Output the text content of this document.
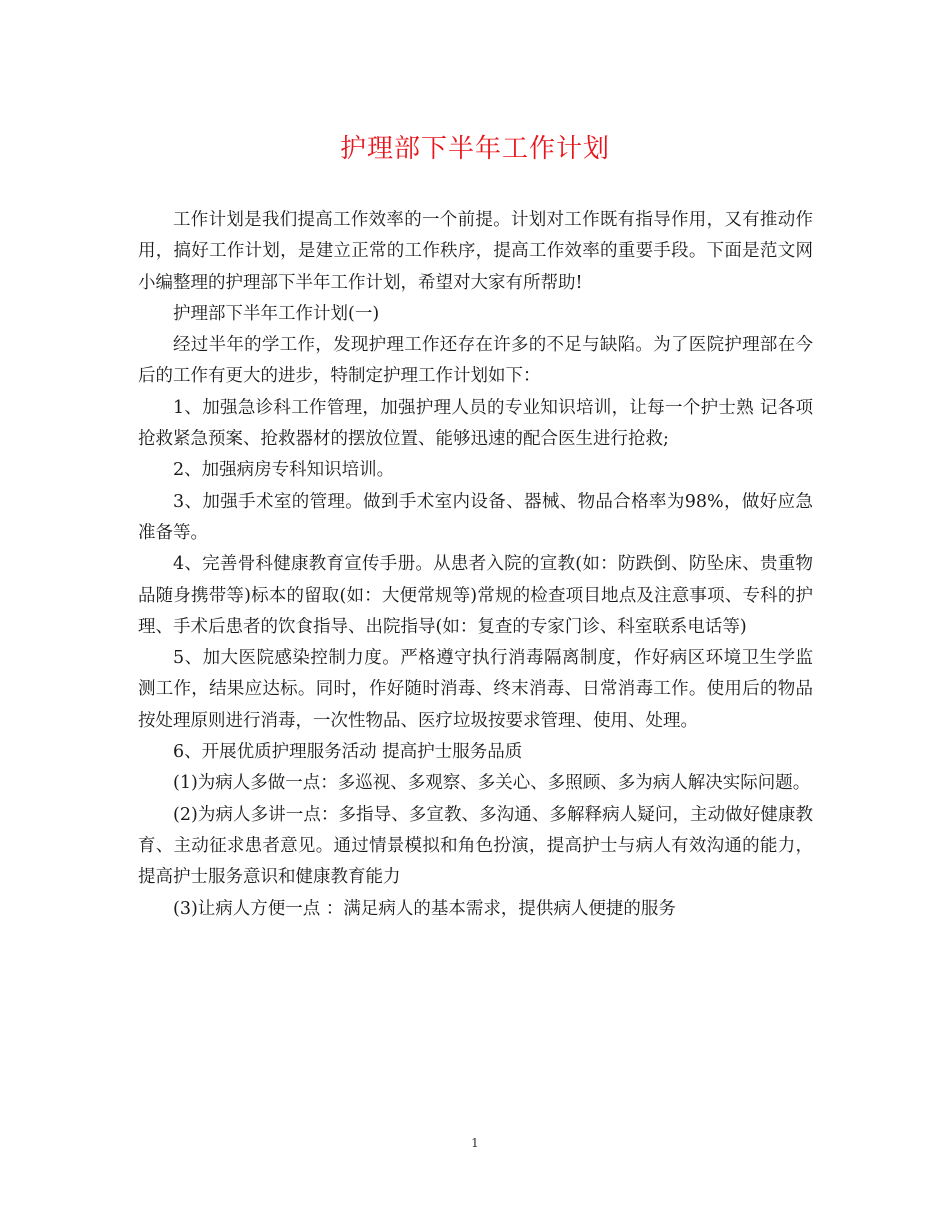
护理部下半年工作计划

工作计划是我们提高工作效率的一个前提。计划对工作既有指导作用，又有推动作用，搞好工作计划，是建立正常的工作秩序，提高工作效率的重要手段。下面是范文网小编整理的护理部下半年工作计划，希望对大家有所帮助!

护理部下半年工作计划(一)

经过半年的学工作，发现护理工作还存在许多的不足与缺陷。为了医院护理部在今后的工作有更大的进步，特制定护理工作计划如下：

1、加强急诊科工作管理，加强护理人员的专业知识培训，让每一个护士熟 记各项抢救紧急预案、抢救器材的摆放位置、能够迅速的配合医生进行抢救;

2、加强病房专科知识培训。

3、加强手术室的管理。做到手术室内设备、器械、物品合格率为98%，做好应急准备等。

4、完善骨科健康教育宣传手册。从患者入院的宣教(如：防跌倒、防坠床、贵重物品随身携带等)标本的留取(如：大便常规等)常规的检查项目地点及注意事项、专科的护理、手术后患者的饮食指导、出院指导(如：复查的专家门诊、科室联系电话等)

5、加大医院感染控制力度。严格遵守执行消毒隔离制度，作好病区环境卫生学监测工作，结果应达标。同时，作好随时消毒、终末消毒、日常消毒工作。使用后的物品按处理原则进行消毒，一次性物品、医疗垃圾按要求管理、使用、处理。

6、开展优质护理服务活动 提高护士服务品质

(1)为病人多做一点：多巡视、多观察、多关心、多照顾、多为病人解决实际问题。

(2)为病人多讲一点：多指导、多宣教、多沟通、多解释病人疑问，主动做好健康教育、主动征求患者意见。通过情景模拟和角色扮演，提高护士与病人有效沟通的能力，提高护士服务意识和健康教育能力

(3)让病人方便一点 ：满足病人的基本需求，提供病人便捷的服务

1
